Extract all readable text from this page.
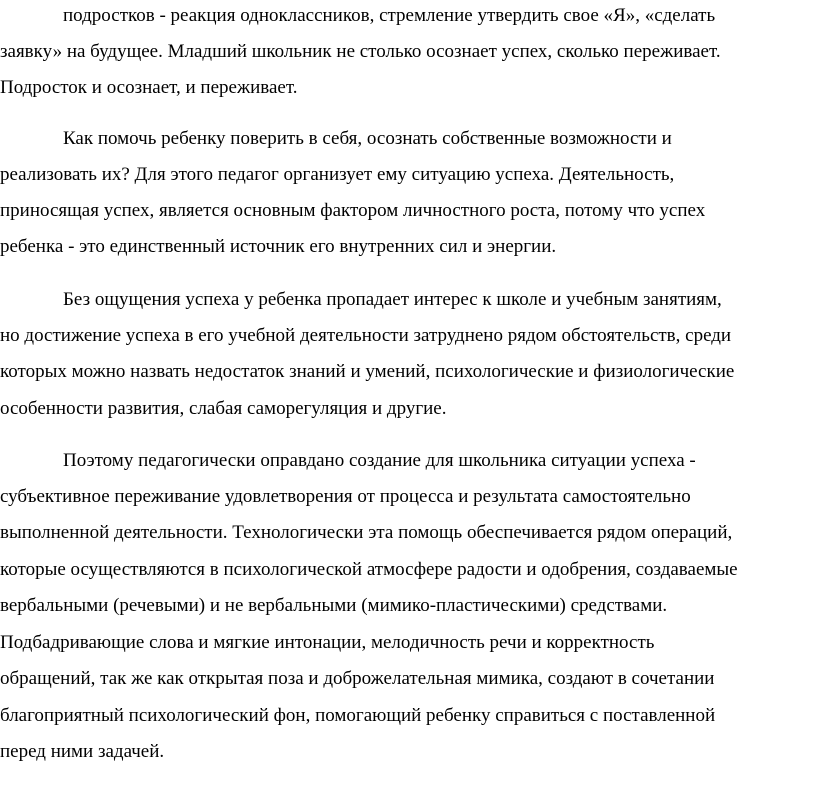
подростков - реакция одноклассников, стремление утвердить свое «Я», «сделать
заявку» на будущее. Младший школьник не столько осознает успех, сколько переживает.
Подросток и осознает, и переживает.
Как помочь ребенку поверить в себя, осознать собственные возможности и
реализовать их? Для этого педагог организует ему ситуацию успеха. Деятельность,
приносящая успех, является основным фактором личностного роста, потому что успех
ребенка - это единственный источник его внутренних сил и энергии.
Без ощущения успеха у ребенка пропадает интерес к школе и учебным занятиям,
но достижение успеха в его учебной деятельности затруднено рядом обстоятельств, среди
которых можно назвать недостаток знаний и умений, психологические и физиологические
особенности развития, слабая саморегуляция и другие.
Поэтому педагогически оправдано создание для школьника ситуации успеха -
субъективное переживание удовлетворения от процесса и результата самостоятельно
выполненной деятельности. Технологически эта помощь обеспечивается рядом операций,
которые осуществляются в психологической атмосфере радости и одобрения, создаваемые
вербальными (речевыми) и не вербальными (мимико-пластическими) средствами.
Подбадривающие слова и мягкие интонации, мелодичность речи и корректность
обращений, так же как открытая поза и доброжелательная мимика, создают в сочетании
благоприятный психологический фон, помогающий ребенку справиться с поставленной
перед ними задачей.
